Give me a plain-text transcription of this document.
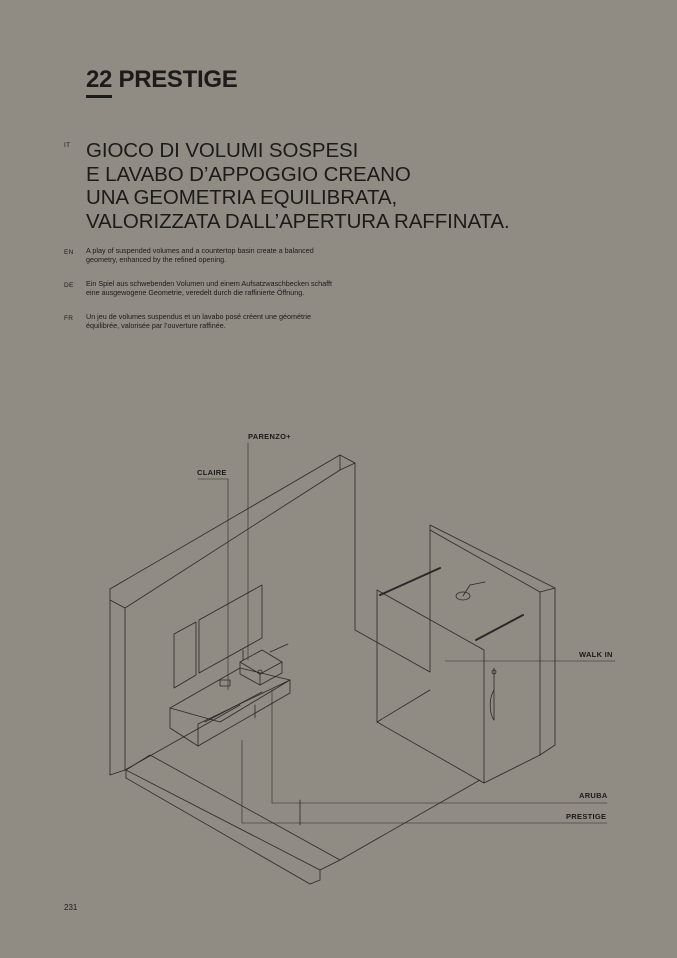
22 PRESTIGE
IT GIOCO DI VOLUMI SOSPESI
E LAVABO D’APPOGGIO CREANO
UNA GEOMETRIA EQUILIBRATA,
VALORIZZATA DALL’APERTURA RAFFINATA.
EN A play of suspended volumes and a countertop basin create a balanced
geometry, enhanced by the refined opening.
DE Ein Spiel aus schwebenden Volumen und einem Aufsatzwaschbecken schafft
eine ausgewogene Geometrie, veredelt durch die raffinierte Öffnung.
FR Un jeu de volumes suspendus et un lavabo posé créent une géométrie
équilibrée, valorisée par l’ouverture raffinée.
PARENZO+
CLAIRE
WALK IN
ARUBA
PRESTIGE
231
